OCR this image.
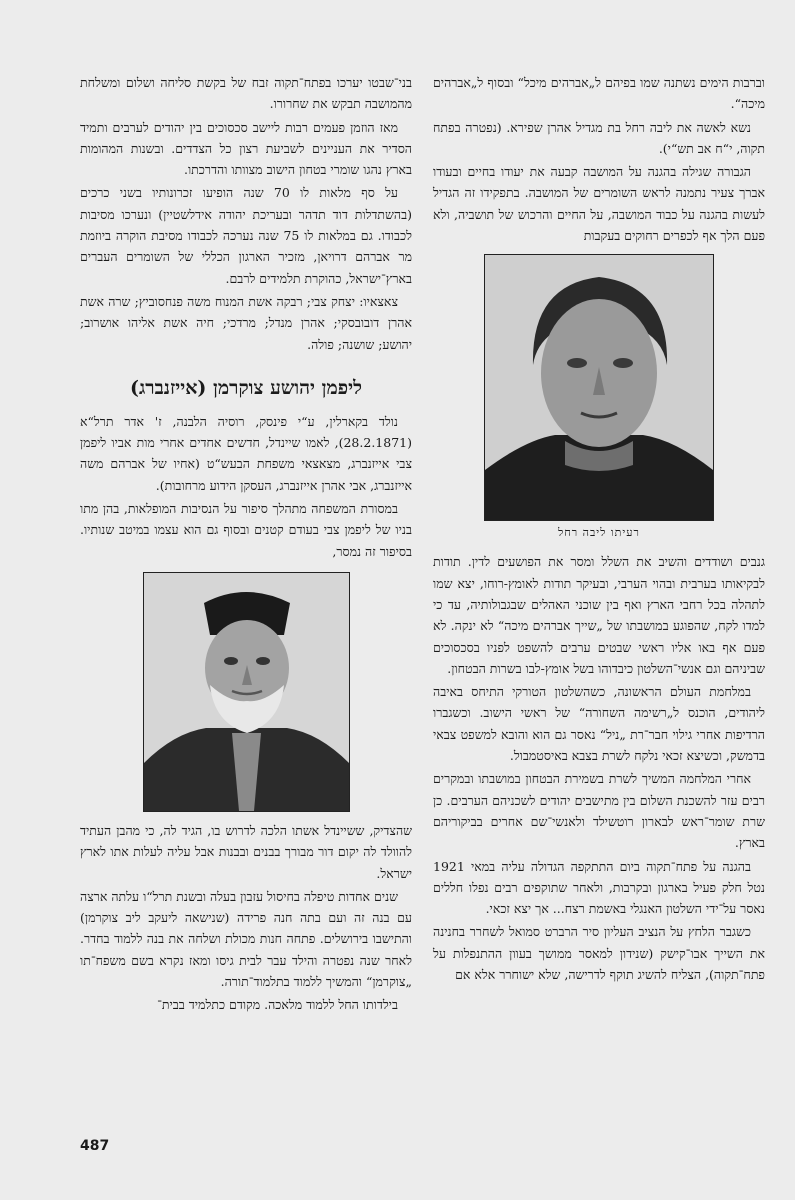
וברבות הימים נשתנה שמו בפיהם ל„אברהים מיכל“ ובסוף ל„אברהים מיכה“.

נשא לאשה את ליבה רחל בת מגדיל אהרן שפירא. (נפטרה בפתח תקוה, י“ח אב תש“י).

הגבורה שגילה בהגנה על המושבה קבעה את יעודו בחיים ובעודו אברך צעיר נתמנה לראש השומרים של המושבה. בתפקידו זה הגדיל לעשות בהגנה על כבוד המושבה, על החיים והרכוש של תושביה, ולא פעם הלך אף לכפרים רחוקים בעקבות

רעיתו ליבה רחל

גנבים ושודדים והשיב את השלל ומסר את הפושעים לדין. תודות לבקיאותו בערבית ובהוי הערבי, ובעיקר תודות לאומץ-רוחו, יצא שמו לתהלה בכל רחבי הארץ ואף בין שוכני האהלים שבגבולותיה, עד כי למדו לקח, שהפוגע במושבתו של „שייך אברהים מיכה“ לא ינקה. לא פעם אף באו אליו ראשי שבטים ערבים להשפט לפניו בסכסוכים שביניהם וגם אנשי־השלטון כיבדוהו בשל אומץ-לבו בשרות הבטחון.

במלחמת העולם הראשונה, כשהשלטון הטורקי התיחס באיבה ליהודים, הוכנס ל„רשימה השחורה“ של ראשי הישוב. וכשגברו הרדיפות אחרי גילוי חבר־רת „ניל“ נאסר גם הוא והובא למשפט צבאי בדמשק, וכשיצא זכאי נלקח לשרת בצבא באיסטמבול.

אחרי המלחמה המשיך לשרת בשמירת הבטחון במושבתו ובמקרים רבים עזר להשכנת השלום בין מתישבים יהודים לשכניהם הערבים. כן שרת שומר־ראש לבארון רוטשילד ולאנשי־שם אחרים בביקוריהם בארץ.

בהגנה על פתח־תקוה ביום התתקפה הגדולה עליה במאי 1921 נטל חלק פעיל בארגון ובקרבות, ולאחר שתוקפים רבים נפלו חללים נאסר על־ידי השלטון האנגלי באשמת רצח... אך יצא זכאי.

כשגבר הלחץ על הנציב העליון סיר הרברט סמואל לשחרר בחנינה את השייך אבו־קישק (שנידון למאסר ממושך בעוון ההתנפלות על פתח־תקוה), הצליח להשיג תוקף לדרישה, שלא ישוחרר אלא אם

בני־שבטו יערכו בפתח־תקוה זבח של בקשת סליחה ושלום ומשלחת מהמושבה תבקש את שחרורו.

מאז הוזמן פעמים רבות ליישב סכסוכים בין יהודים לערבים ותמיד הסדיר את העניינים לשביעת רצון כל הצדדים. ובשנות המהומות בארץ נהגו שומרי בטחון הישוב מצוותו והדרכתו.

על סף מלאות לו 70 שנה הופיעו זכרונותיו בשני כרכים (בהשתדלות דוד תדהר ובעריכת יהודה אידלשטיין) ונערכו מסיבות לכבודו. גם במלאות לו 75 שנה נערכה לכבודו מסיבת הוקרה ביוזמת מר אברהם דרויאן, מזכיר הארגון הכללי של השומרים העברים בארץ־ישראל, כהוקרת תלמידים לרבם.

צאצאיו: יצחק צבי; רבקה אשת המנוח משה פנחסוביץ; שרה אשת אהרן דובובסקי; אהרן מנדל; מרדכי; חיה אשת אליהו אושרוב; יהושע; שושנה; פולה.

ליפמן יהושע צוקרמן (אייזנברג)

נולד בקארלין, ע“י פינסק, רוסיה הלבנה, ז' אדר תרל“א (28.2.1871), לאמו שיינדל, חדשים אחדים אחרי מות אביו ליפמן צבי אייזנברג, מצאצאי משפחת הבעש“ט (אחיו של אברהם משה אייזנברג, אבי אהרן אייזנברג, העסקן הידוע מרחובות).

במסורת המשפחה מתהלך סיפור על הנסיבות המופלאות, בהן מתו בניו של ליפמן צבי בעודם קטנים ובסוף גם הוא עצמו במיטב שנותיו. בסיפור זה נמסר,

שהצדיק, ששיינדל אשתו הלכה לדרוש בו, הגיד לה, כי מהבן העתיד להוולד לה יקום דור מבורך בבנים ובבנות אבל עליה לעלות אתו לארץ ישראל.

שנים אחדות טיפלה בחיסול עזבון בעלה ובשנת תרל“ו עלתה ארצה עם בנה זה ועם בתה חנה פרידה (שנישאה ליעקב ליב צוקרמן) והתישבו בירושלים. פתחה חנות מכולת ושלחה את בנה ללמוד בחדר. לאחר שנה נפטרה והילד עבר לבית גיסו ומאז נקרא בשם משפח־תו „צוקרמן“ והמשיך ללמוד בתלמוד־תורה.

בילדותו החל ללמוד מלאכה. מקודם כתלמיד בבית־

487
